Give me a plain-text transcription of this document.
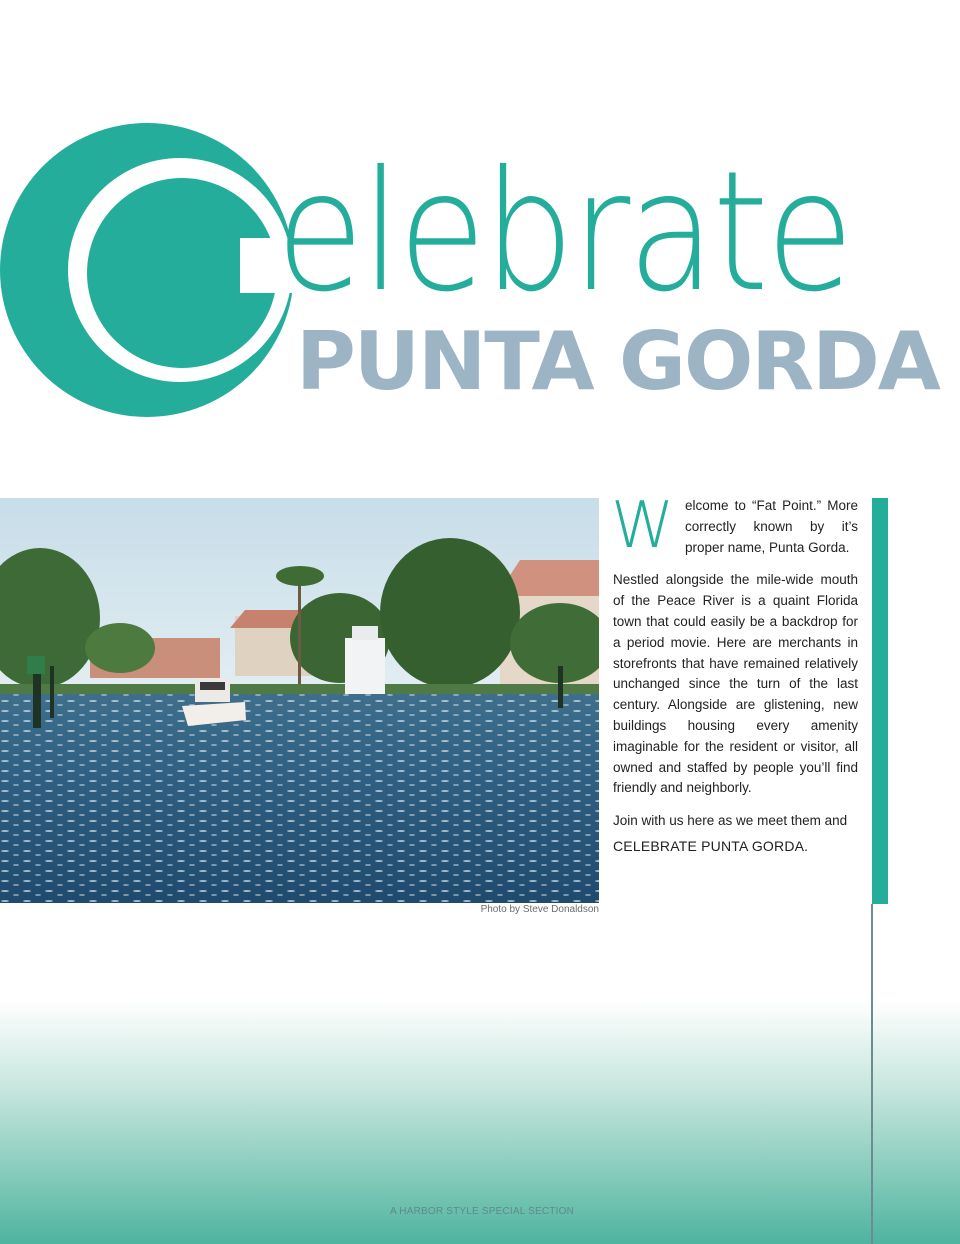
elebrate
PUNTA GORDA
Photo by Steve Donaldson
W elcome to “Fat Point.” More correctly known by it’s proper name, Punta Gorda.

Nestled alongside the mile-wide mouth of the Peace River is a quaint Florida town that could easily be a backdrop for a period movie. Here are merchants in storefronts that have remained relatively unchanged since the turn of the last century. Alongside are glistening, new buildings housing every amenity imaginable for the resident or visitor, all owned and staffed by people you’ll find friendly and neighborly.

Join with us here as we meet them and
CELEBRATE PUNTA GORDA.

A HARBOR STYLE SPECIAL SECTION
